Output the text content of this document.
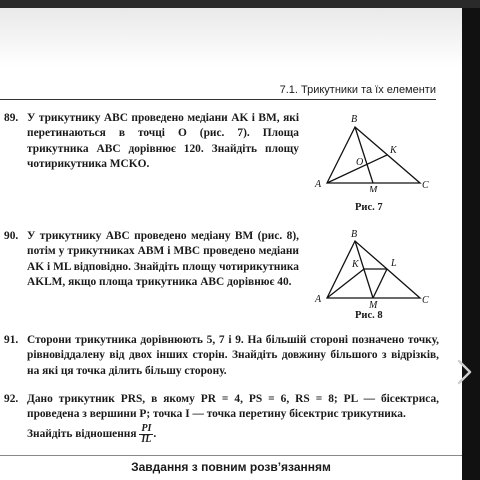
7.1. Трикутники та їх елементи
89. У трикутнику ABC проведено медіани AK і BM, які перетинаються в точці O (рис. 7). Площа трикутника ABC дорівнює 120. Знайдіть площу чотирикутника MCKO.
A
B
C
K
M
O
Рис. 7
90. У трикутнику ABC проведено медіану BM (рис. 8), потім у трикутниках ABM і MBC проведено медіани AK і ML відповідно. Знайдіть площу чотирикутника AKLM, якщо площа трикутника ABC дорівнює 40.
A
B
C
K	L
M
Рис. 8
91. Сторони трикутника дорівнюють 5, 7 і 9. На більшій стороні позначено точку, рівновіддалену від двох інших сторін. Знайдіть довжину більшого з відрізків, на які ця точка ділить більшу сторону.
92. Дано трикутник PRS, в якому PR = 4, PS = 6, RS = 8; PL — бісектриса, проведена з вершини P; точка I — точка перетину бісектрис трикутника.
Знайдіть відношення $\frac{PI}{IL}$ .
Завдання з повним розв’язанням
